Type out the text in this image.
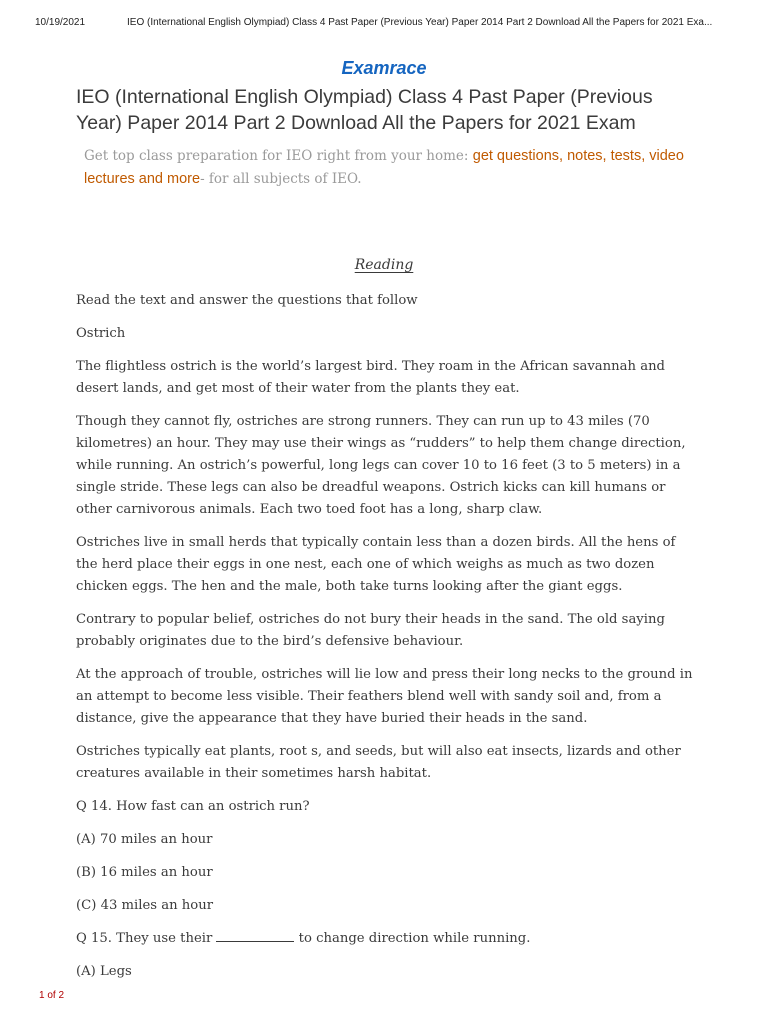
10/19/2021	IEO (International English Olympiad) Class 4 Past Paper (Previous Year) Paper 2014 Part 2 Download All the Papers for 2021 Exa...
Examrace
IEO (International English Olympiad) Class 4 Past Paper (Previous Year) Paper 2014 Part 2 Download All the Papers for 2021 Exam
Get top class preparation for IEO right from your home: get questions, notes, tests, video lectures and more- for all subjects of IEO.
Reading

Read the text and answer the questions that follow

Ostrich

The flightless ostrich is the world’s largest bird. They roam in the African savannah and desert lands, and get most of their water from the plants they eat.

Though they cannot fly, ostriches are strong runners. They can run up to 43 miles (70 kilometres) an hour. They may use their wings as “rudders” to help them change direction, while running. An ostrich’s powerful, long legs can cover 10 to 16 feet (3 to 5 meters) in a single stride. These legs can also be dreadful weapons. Ostrich kicks can kill humans or other carnivorous animals. Each two toed foot has a long, sharp claw.

Ostriches live in small herds that typically contain less than a dozen birds. All the hens of the herd place their eggs in one nest, each one of which weighs as much as two dozen chicken eggs. The hen and the male, both take turns looking after the giant eggs.

Contrary to popular belief, ostriches do not bury their heads in the sand. The old saying probably originates due to the bird’s defensive behaviour.

At the approach of trouble, ostriches will lie low and press their long necks to the ground in an attempt to become less visible. Their feathers blend well with sandy soil and, from a distance, give the appearance that they have buried their heads in the sand.

Ostriches typically eat plants, root s, and seeds, but will also eat insects, lizards and other creatures available in their sometimes harsh habitat.

Q 14. How fast can an ostrich run?

(A) 70 miles an hour

(B) 16 miles an hour

(C) 43 miles an hour

Q 15. They use their	to change direction while running.

(A) Legs

1 of 2
